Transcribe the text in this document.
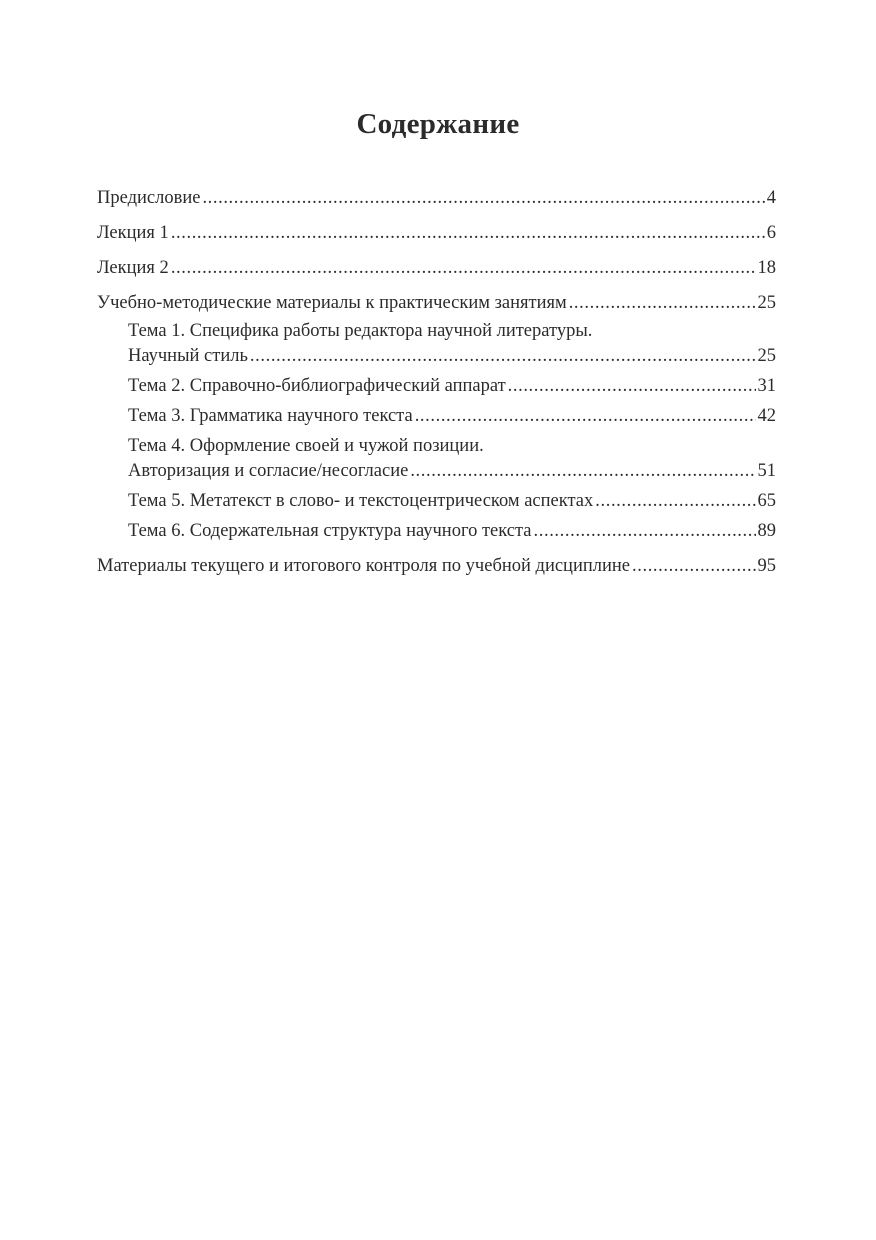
Содержание
Предисловие .....	4
Лекция 1 .....	6
Лекция 2 .....	18
Учебно-методические материалы к практическим занятиям .....	25
Тема 1. Специфика работы редактора научной литературы.
Научный стиль .....	25
Тема 2. Справочно-библиографический аппарат .....	31
Тема 3. Грамматика научного текста .....	42
Тема 4. Оформление своей и чужой позиции.
Авторизация и согласие/несогласие .....	51
Тема 5. Метатекст в слово- и текстоцентрическом аспектах .....	65
Тема 6. Содержательная структура научного текста .....	89
Материалы текущего и итогового контроля по учебной дисциплине .....	95
